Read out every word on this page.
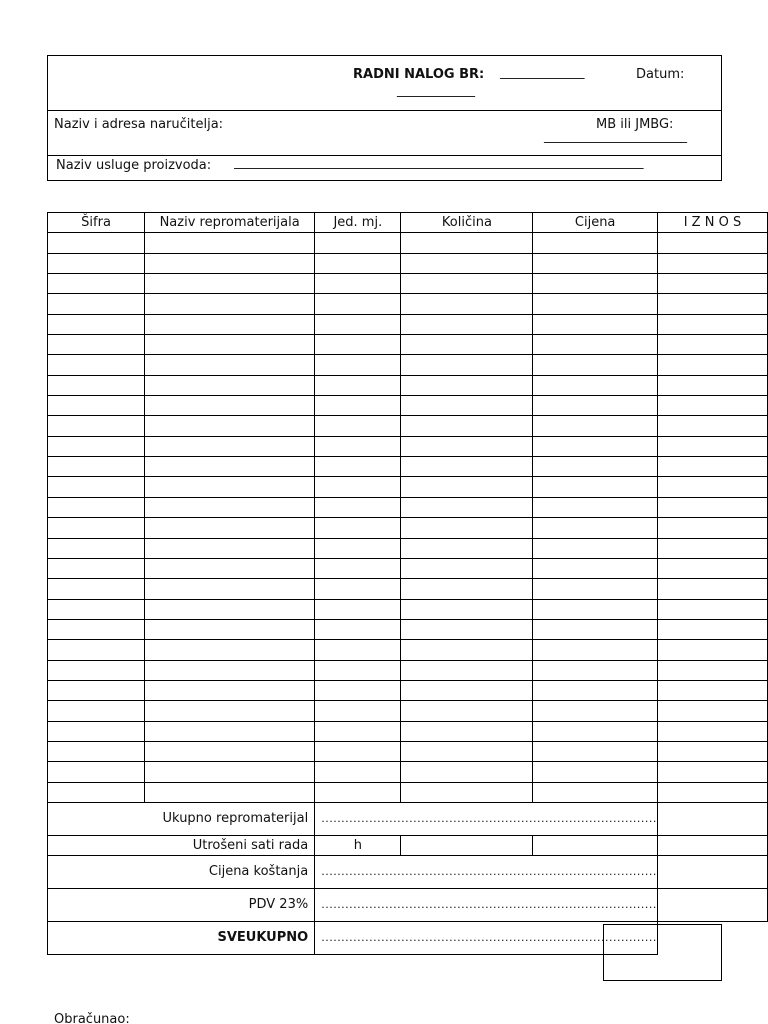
RADNI NALOG BR: _____________
____________
Datum:
Naziv i adresa naručitelja:	MB ili JMBG:
______________________
Naziv usluge proizvoda: _______________________________________________________________
Šifra	Naziv repromaterijala	Jed. mj.	Količina	Cijena	I Z N O S

Ukupno repromaterijal		....................................................................................			
Utrošeni sati rada		h			
Cijena koštanja		....................................................................................			
PDV 23%		....................................................................................			
SVEUKUPNO		....................................................................................			
Obračunao:
